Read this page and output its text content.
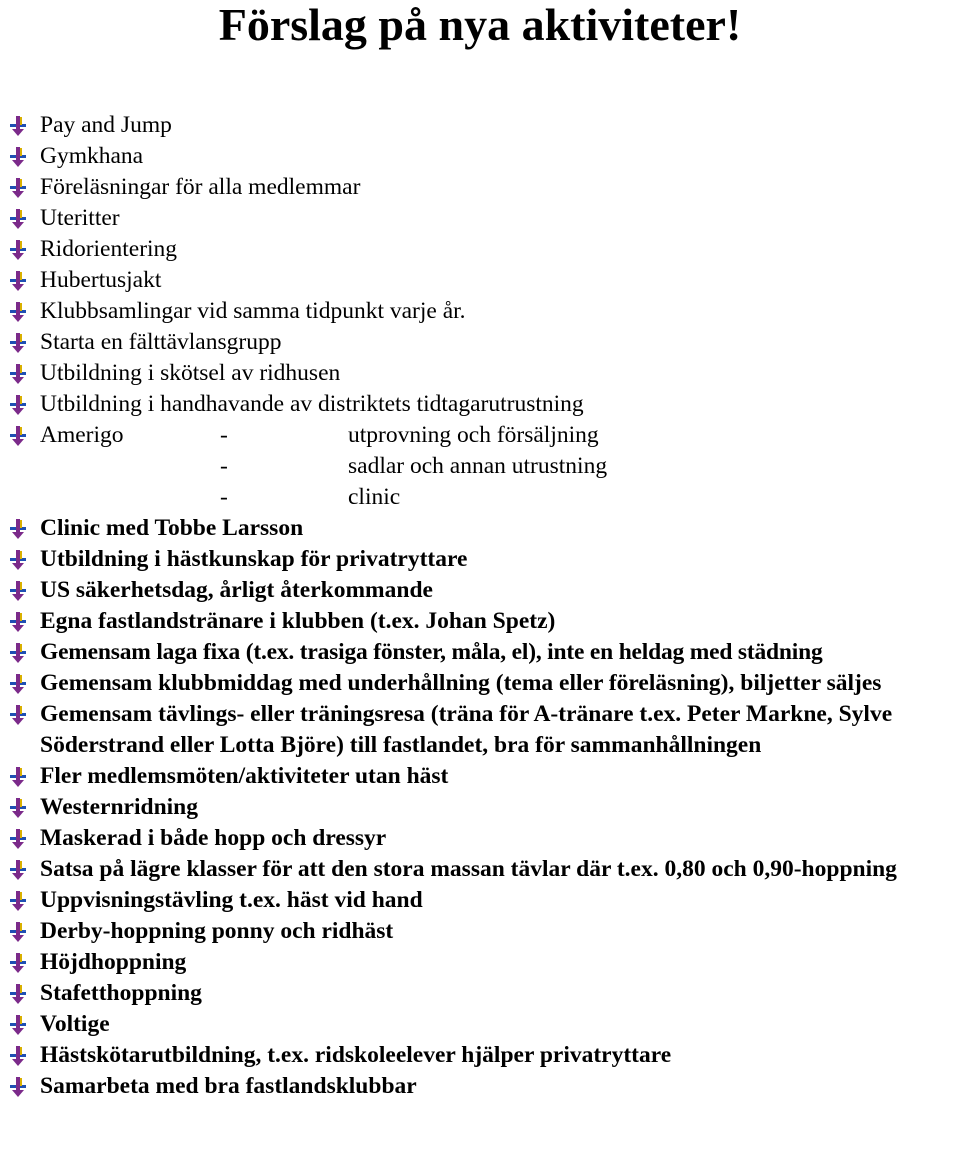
Förslag på nya aktiviteter!
Pay and Jump
Gymkhana
Föreläsningar för alla medlemmar
Uteritter
Ridorientering
Hubertusjakt
Klubbsamlingar vid samma tidpunkt varje år.
Starta en fälttävlansgrupp
Utbildning i skötsel av ridhusen
Utbildning i handhavande av distriktets tidtagarutrustning
Amerigo	-	utprovning och försäljning
-	sadlar och annan utrustning
-	clinic
Clinic med Tobbe Larsson
Utbildning i hästkunskap för privatryttare
US säkerhetsdag, årligt återkommande
Egna fastlandstränare i klubben (t.ex. Johan Spetz)
Gemensam laga fixa (t.ex. trasiga fönster, måla, el), inte en heldag med städning
Gemensam klubbmiddag med underhållning (tema eller föreläsning), biljetter säljes
Gemensam tävlings- eller träningsresa (träna för A-tränare t.ex. Peter Markne, Sylve Söderstrand eller Lotta Björe) till fastlandet, bra för sammanhållningen
Fler medlemsmöten/aktiviteter utan häst
Westernridning
Maskerad i både hopp och dressyr
Satsa på lägre klasser för att den stora massan tävlar där t.ex. 0,80 och 0,90-hoppning
Uppvisningstävling t.ex. häst vid hand
Derby-hoppning ponny och ridhäst
Höjdhoppning
Stafetthoppning
Voltige
Hästskötarutbildning, t.ex. ridskoleelever hjälper privatryttare
Samarbeta med bra fastlandsklubbar
